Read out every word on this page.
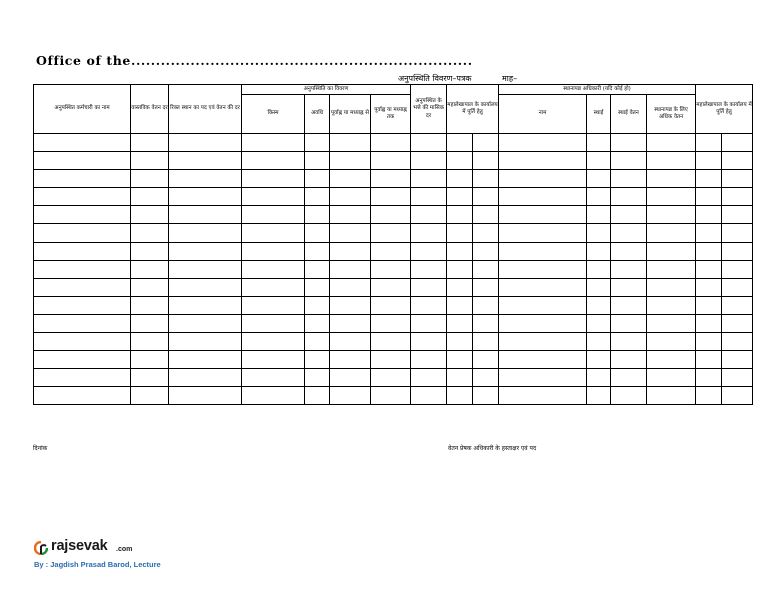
Office of the.....................................................................
अनुपस्थिति विवरण–पत्रक	माह–
अनुपस्थित कर्मचारी का नाम	वास्तविक वेतन दर	रिक्त स्थान का पद एवं वेतन की दर	अनुपस्थिति का विवरण				अनुपस्थित के भत्ते की मासिक दर	महालेखापाल के कार्यालय में पूर्ति हेतु		स्थानापन्न अधिकारी (यदि कोई हो)				महालेखापाल के कार्यालय में पूर्ति हेतु	
			किस्म	अवधि	पूर्वाह्न या मध्याह्न से	पूर्वाह्न या मध्याह्न तक				नाम	स्थाई	स्थाई वेतन	स्थानापन्न के लिए अधिक वेतन		

दिनांक	वेतन प्रेषक अधिकारी के हस्ताक्षर एवं पद
rajsevak .com
By : Jagdish Prasad Barod, Lecture
